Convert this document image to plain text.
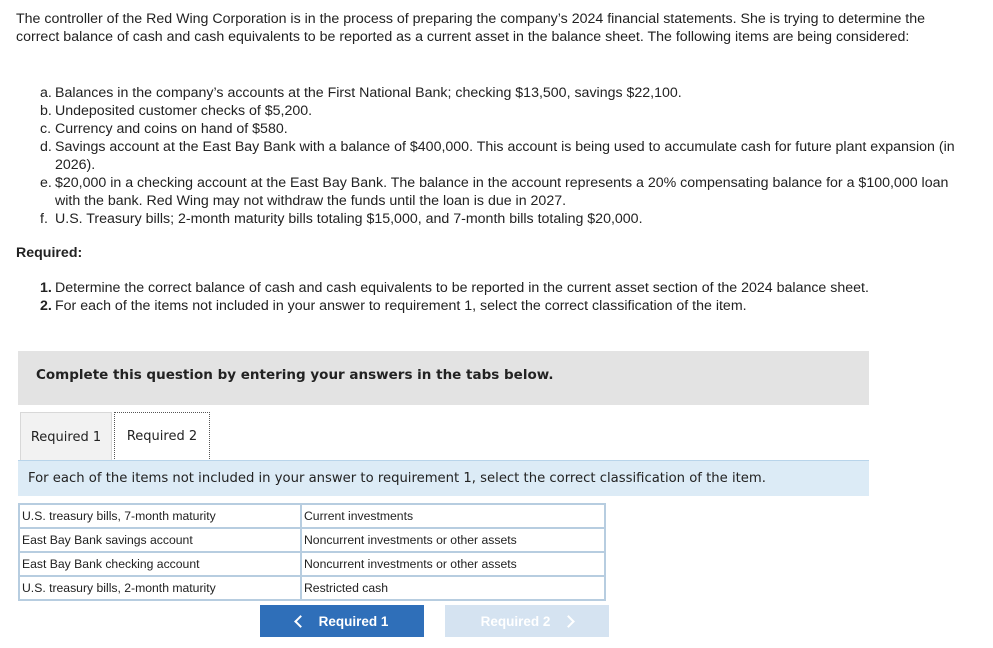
The controller of the Red Wing Corporation is in the process of preparing the company’s 2024 financial statements. She is trying to determine the correct balance of cash and cash equivalents to be reported as a current asset in the balance sheet. The following items are being considered:
a. Balances in the company’s accounts at the First National Bank; checking $13,500, savings $22,100.
b. Undeposited customer checks of $5,200.
c. Currency and coins on hand of $580.
d. Savings account at the East Bay Bank with a balance of $400,000. This account is being used to accumulate cash for future plant expansion (in 2026).
e. $20,000 in a checking account at the East Bay Bank. The balance in the account represents a 20% compensating balance for a $100,000 loan with the bank. Red Wing may not withdraw the funds until the loan is due in 2027.
f. U.S. Treasury bills; 2-month maturity bills totaling $15,000, and 7-month bills totaling $20,000.
Required:
1. Determine the correct balance of cash and cash equivalents to be reported in the current asset section of the 2024 balance sheet.
2. For each of the items not included in your answer to requirement 1, select the correct classification of the item.
Complete this question by entering your answers in the tabs below.
Required 1	Required 2
For each of the items not included in your answer to requirement 1, select the correct classification of the item.
U.S. treasury bills, 7-month maturity	Current investments
East Bay Bank savings account	Noncurrent investments or other assets
East Bay Bank checking account	Noncurrent investments or other assets
U.S. treasury bills, 2-month maturity	Restricted cash
Required 1	Required 2
